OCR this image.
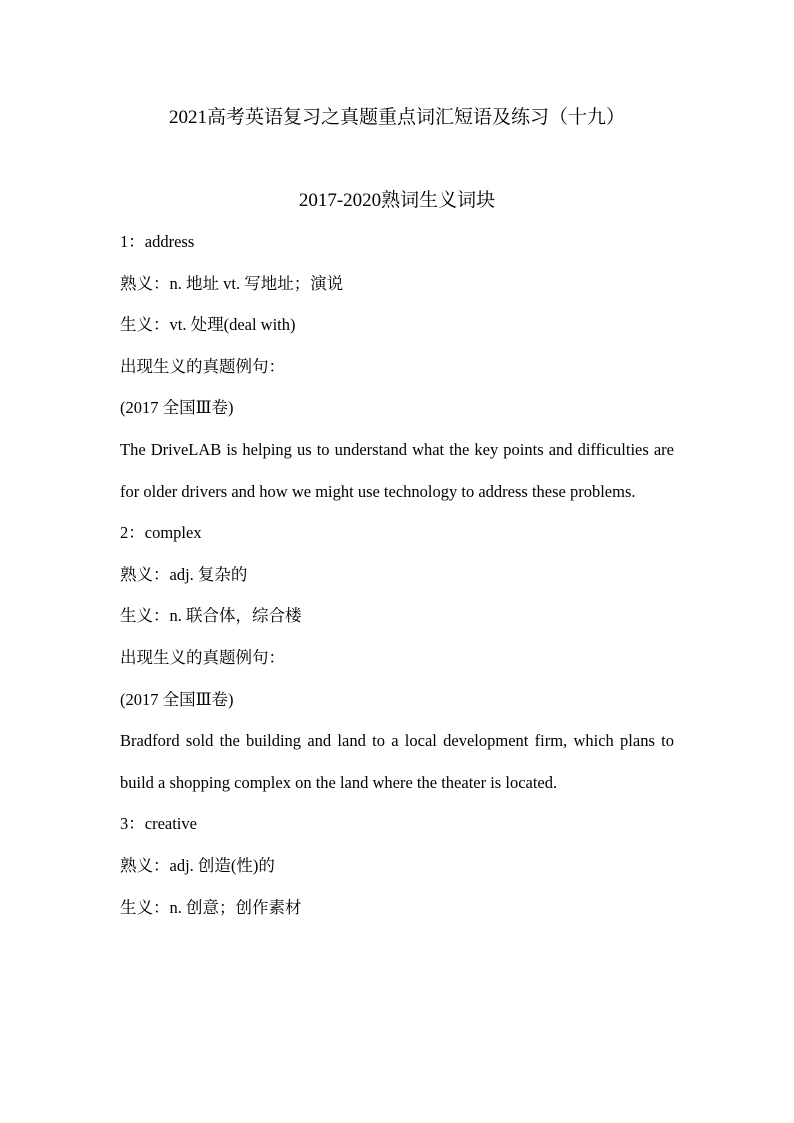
2021高考英语复习之真题重点词汇短语及练习（十九）
2017-2020熟词生义词块
1：address
熟义：n. 地址 vt. 写地址；演说
生义：vt. 处理(deal with)
出现生义的真题例句：
(2017 全国Ⅲ卷)

The DriveLAB is helping us to understand what the key points and difficulties are for older drivers and how we might use technology to address these problems.

2：complex
熟义：adj. 复杂的
生义：n. 联合体，综合楼
出现生义的真题例句：
(2017 全国Ⅲ卷)

Bradford sold the building and land to a local development firm, which plans to build a shopping complex on the land where the theater is located.

3：creative
熟义：adj. 创造(性)的
生义：n. 创意；创作素材
